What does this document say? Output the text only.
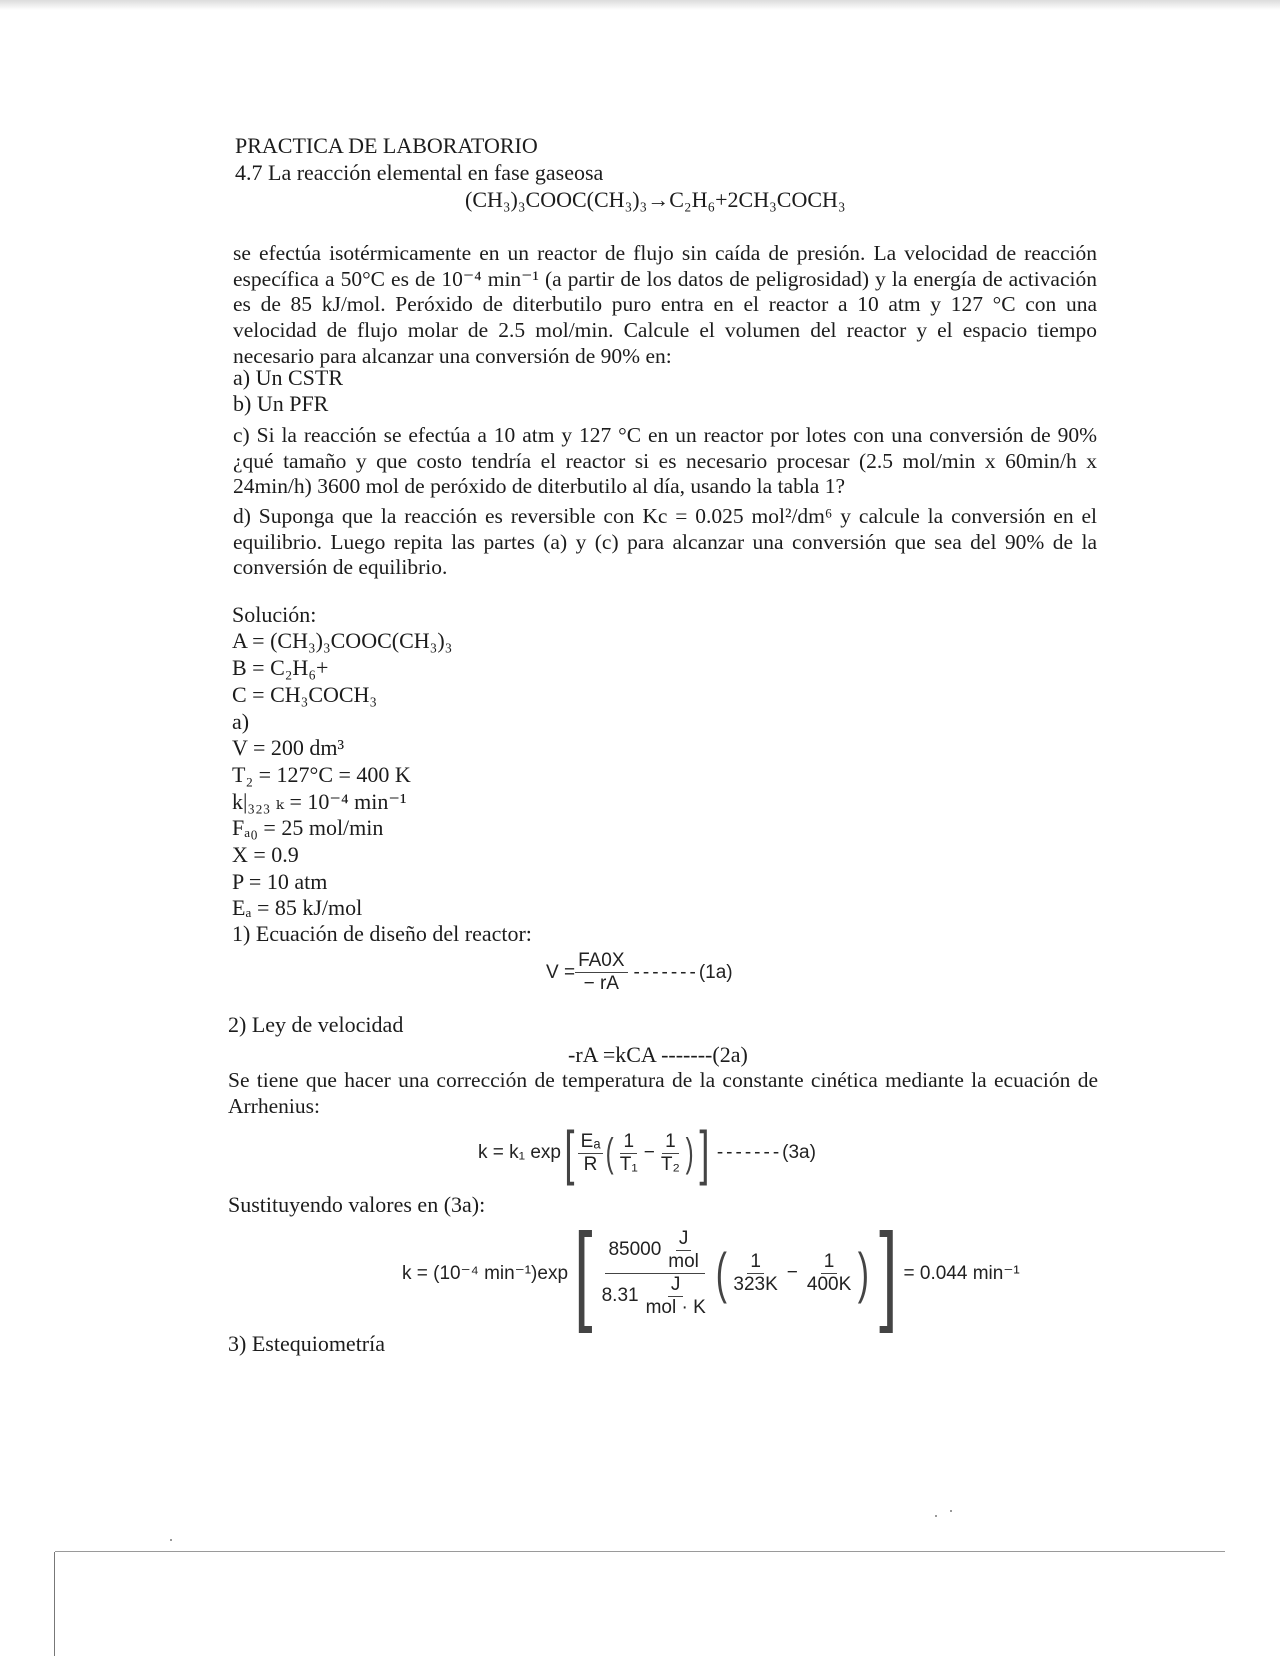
PRACTICA DE LABORATORIO
4.7 La reacción elemental en fase gaseosa
(CH₃)₃COOC(CH₃)₃→C₂H₆+2CH₃COCH₃
se efectúa isotérmicamente en un reactor de flujo sin caída de presión. La velocidad de reacción específica a 50°C es de 10⁻⁴ min⁻¹ (a partir de los datos de peligrosidad) y la energía de activación es de 85 kJ/mol. Peróxido de diterbutilo puro entra en el reactor a 10 atm y 127 °C con una velocidad de flujo molar de 2.5 mol/min. Calcule el volumen del reactor y el espacio tiempo necesario para alcanzar una conversión de 90% en:
a) Un CSTR
b) Un PFR
c) Si la reacción se efectúa a 10 atm y 127 °C en un reactor por lotes con una conversión de 90% ¿qué tamaño y que costo tendría el reactor si es necesario procesar (2.5 mol/min x 60min/h x 24min/h) 3600 mol de peróxido de diterbutilo al día, usando la tabla 1?
d) Suponga que la reacción es reversible con Kc = 0.025 mol²/dm⁶ y calcule la conversión en el equilibrio. Luego repita las partes (a) y (c) para alcanzar una conversión que sea del 90% de la conversión de equilibrio.
Solución:
A = (CH₃)₃COOC(CH₃)₃
B = C₂H₆+
C = CH₃COCH₃
a)
V = 200 dm³
T₂ = 127°C = 400 K
k|₃₂₃ ₖ = 10⁻⁴ min⁻¹
Fₐ₀ = 25 mol/min
X = 0.9
P = 10 atm
Eₐ = 85 kJ/mol
1) Ecuación de diseño del reactor:
$V = \frac{FA0X}{- rA}$ ------- (1a)
2) Ley de velocidad
-rA =kCA -------(2a)
Se tiene que hacer una corrección de temperatura de la constante cinética mediante la ecuación de Arrhenius:
k = k₁ exp [ $\frac{\text{Eₐ}}{R}$ ( $\frac{1}{\text{T₁}} - \frac{1}{\text{T₂}}$ ) ] ------- (3a)
Sustituyendo valores en (3a):
k = (10⁻⁴ min⁻¹)exp [ $\frac{85000 \frac{J}{\text{mol}}}{8.31 \frac{J}{\text{mol · K}}}$ ( $\frac{1}{323K} - \frac{1}{400K}$ ) ] = 0.044 min⁻¹
3) Estequiometría
